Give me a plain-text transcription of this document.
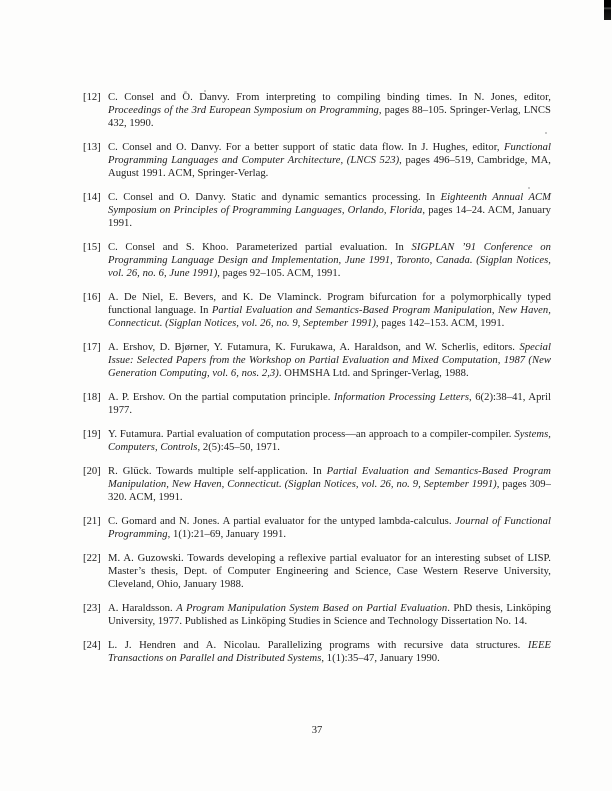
[12] C. Consel and O. Danvy. From interpreting to compiling binding times. In N. Jones, editor, Proceedings of the 3rd European Symposium on Programming, pages 88–105. Springer-Verlag, LNCS 432, 1990.
[13] C. Consel and O. Danvy. For a better support of static data flow. In J. Hughes, editor, Functional Programming Languages and Computer Architecture, (LNCS 523), pages 496–519, Cambridge, MA, August 1991. ACM, Springer-Verlag.
[14] C. Consel and O. Danvy. Static and dynamic semantics processing. In Eighteenth Annual ACM Symposium on Principles of Programming Languages, Orlando, Florida, pages 14–24. ACM, January 1991.
[15] C. Consel and S. Khoo. Parameterized partial evaluation. In SIGPLAN ’91 Conference on Programming Language Design and Implementation, June 1991, Toronto, Canada. (Sigplan Notices, vol. 26, no. 6, June 1991), pages 92–105. ACM, 1991.
[16] A. De Niel, E. Bevers, and K. De Vlaminck. Program bifurcation for a polymorphically typed functional language. In Partial Evaluation and Semantics-Based Program Manipulation, New Haven, Connecticut. (Sigplan Notices, vol. 26, no. 9, September 1991), pages 142–153. ACM, 1991.
[17] A. Ershov, D. Bjørner, Y. Futamura, K. Furukawa, A. Haraldson, and W. Scherlis, editors. Special Issue: Selected Papers from the Workshop on Partial Evaluation and Mixed Computation, 1987 (New Generation Computing, vol. 6, nos. 2,3). OHMSHA Ltd. and Springer-Verlag, 1988.
[18] A. P. Ershov. On the partial computation principle. Information Processing Letters, 6(2):38–41, April 1977.
[19] Y. Futamura. Partial evaluation of computation process—an approach to a compiler-compiler. Systems, Computers, Controls, 2(5):45–50, 1971.
[20] R. Glück. Towards multiple self-application. In Partial Evaluation and Semantics-Based Program Manipulation, New Haven, Connecticut. (Sigplan Notices, vol. 26, no. 9, September 1991), pages 309–320. ACM, 1991.
[21] C. Gomard and N. Jones. A partial evaluator for the untyped lambda-calculus. Journal of Functional Programming, 1(1):21–69, January 1991.
[22] M. A. Guzowski. Towards developing a reflexive partial evaluator for an interesting subset of LISP. Master’s thesis, Dept. of Computer Engineering and Science, Case Western Reserve University, Cleveland, Ohio, January 1988.
[23] A. Haraldsson. A Program Manipulation System Based on Partial Evaluation. PhD thesis, Linköping University, 1977. Published as Linköping Studies in Science and Technology Dissertation No. 14.
[24] L. J. Hendren and A. Nicolau. Parallelizing programs with recursive data structures. IEEE Transactions on Parallel and Distributed Systems, 1(1):35–47, January 1990.
37
